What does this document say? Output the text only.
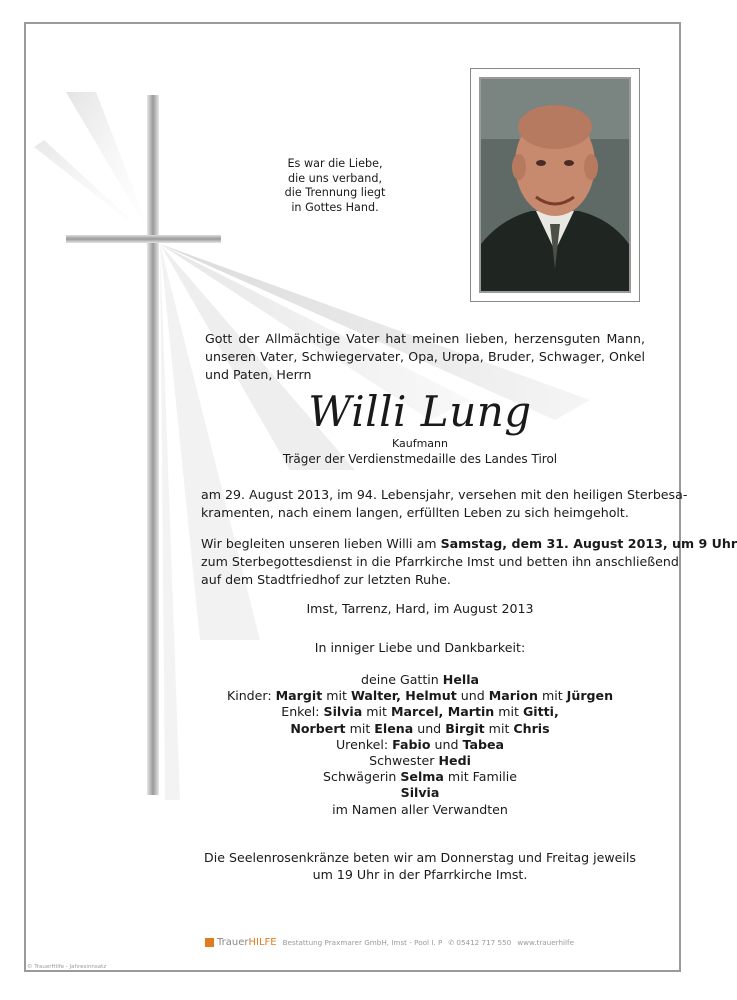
Es war die Liebe,
die uns verband,
die Trennung liegt
in Gottes Hand.
Gott der Allmächtige Vater hat meinen lieben, herzensguten Mann, unseren Vater, Schwiegervater, Opa, Uropa, Bruder, Schwager, Onkel und Paten, Herrn
Willi Lung
Kaufmann
Träger der Verdienstmedaille des Landes Tirol
am 29. August 2013, im 94. Lebensjahr, versehen mit den heiligen Sterbesa-
kramenten, nach einem langen, erfüllten Leben zu sich heimgeholt.
Wir begleiten unseren lieben Willi am Samstag, dem 31. August 2013, um 9 Uhr
zum Sterbegottesdienst in die Pfarrkirche Imst und betten ihn anschließend
auf dem Stadtfriedhof zur letzten Ruhe.
Imst, Tarrenz, Hard, im August 2013
In inniger Liebe und Dankbarkeit:
deine Gattin Hella
Kinder: Margit mit Walter, Helmut und Marion mit Jürgen
Enkel: Silvia mit Marcel, Martin mit Gitti,
Norbert mit Elena und Birgit mit Chris
Urenkel: Fabio und Tabea
Schwester Hedi
Schwägerin Selma mit Familie
Silvia
im Namen aller Verwandten
Die Seelenrosenkränze beten wir am Donnerstag und Freitag jeweils
um 19 Uhr in der Pfarrkirche Imst.
TrauerHILFE Bestattung Praxmarer GmbH, Imst - Pool I. P ✆ 05412 717 550 www.trauerhilfe
© TrauerHilfe - Jahresinnsatz
